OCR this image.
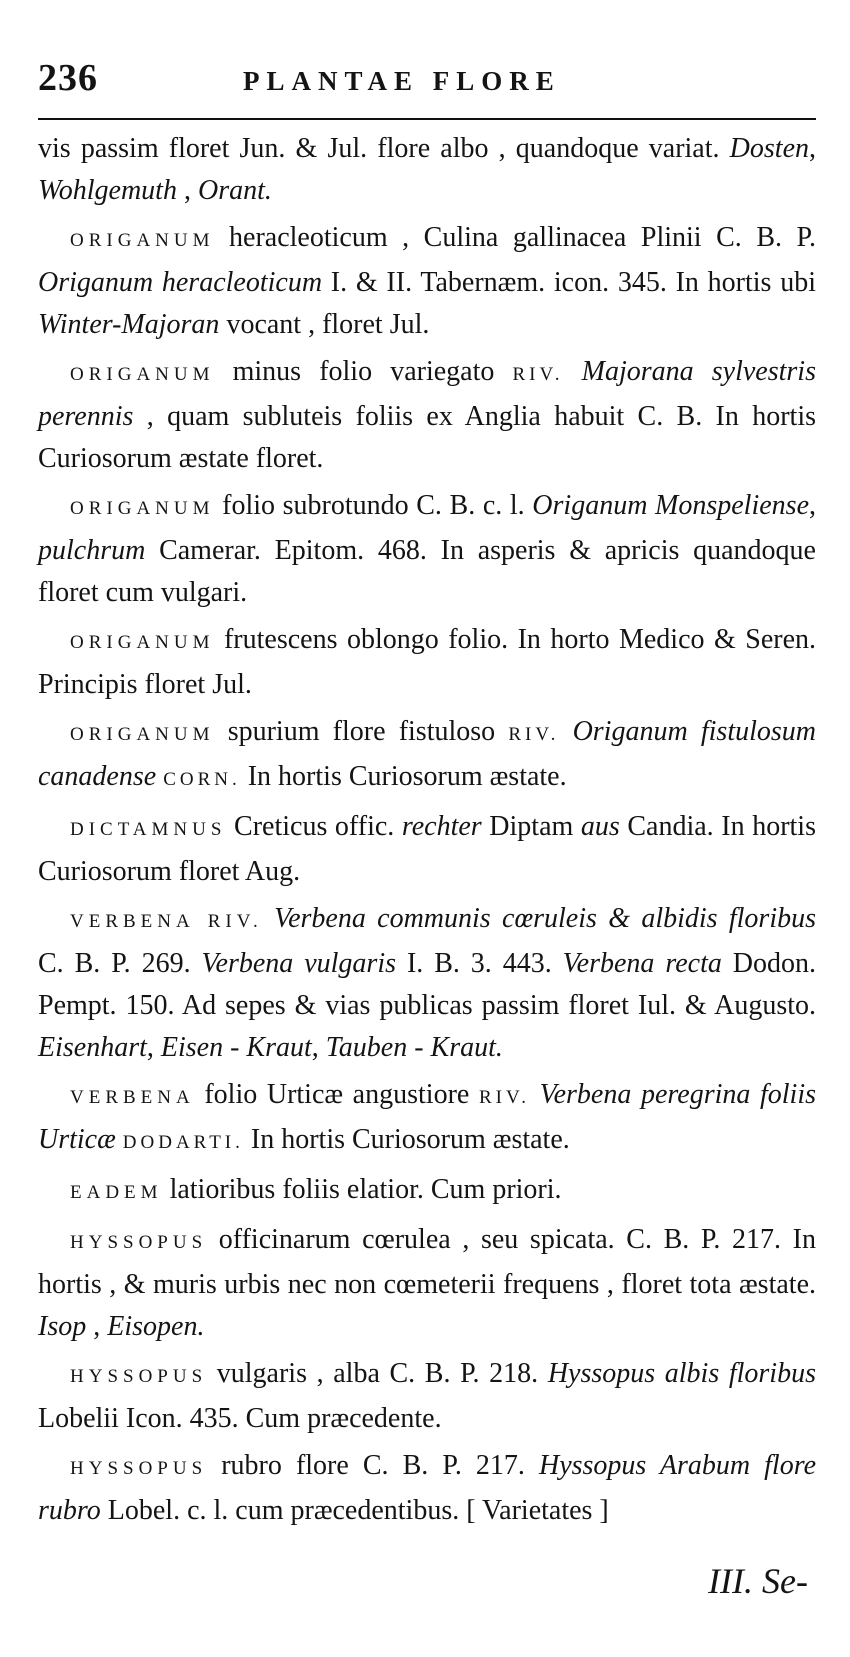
236	PLANTAE FLORE

vis passim floret Jun. & Jul. flore albo , quandoque variat. Dosten, Wohlgemuth , Orant.

ORIGANUM heracleoticum , Culina gallinacea Plinii C. B. P. Origanum heracleoticum I. & II. Tabernæm. icon. 345. In hortis ubi Winter-Majoran vocant , floret Jul.

ORIGANUM minus folio variegato RIV. Majorana sylvestris perennis , quam subluteis foliis ex Anglia habuit C. B. In hortis Curiosorum æstate floret.

ORIGANUM folio subrotundo C. B. c. l. Origanum Monspeliense, pulchrum Camerar. Epitom. 468. In asperis & apricis quandoque floret cum vulgari.

ORIGANUM frutescens oblongo folio. In horto Medico & Seren. Principis floret Jul.

ORIGANUM spurium flore fistuloso RIV. Origanum fistulosum canadense CORN. In hortis Curiosorum æstate.

DICTAMNUS Creticus offic. rechter Diptam aus Candia. In hortis Curiosorum floret Aug.

VERBENA RIV. Verbena communis cœruleis & albidis floribus C. B. P. 269. Verbena vulgaris I. B. 3. 443. Verbena recta Dodon. Pempt. 150. Ad sepes & vias publicas passim floret Iul. & Augusto. Eisenhart, Eisen - Kraut, Tauben - Kraut.

VERBENA folio Urticæ angustiore RIV. Verbena peregrina foliis Urticæ DODARTI. In hortis Curiosorum æstate.

EADEM latioribus foliis elatior. Cum priori.

HYSSOPUS officinarum cœrulea , seu spicata. C. B. P. 217. In hortis , & muris urbis nec non cœmeterii frequens , floret tota æstate. Isop , Eisopen.

HYSSOPUS vulgaris , alba C. B. P. 218. Hyssopus albis floribus Lobelii Icon. 435. Cum præcedente.

HYSSOPUS rubro flore C. B. P. 217. Hyssopus Arabum flore rubro Lobel. c. l. cum præcedentibus. [ Varietates ]

III. Se-
